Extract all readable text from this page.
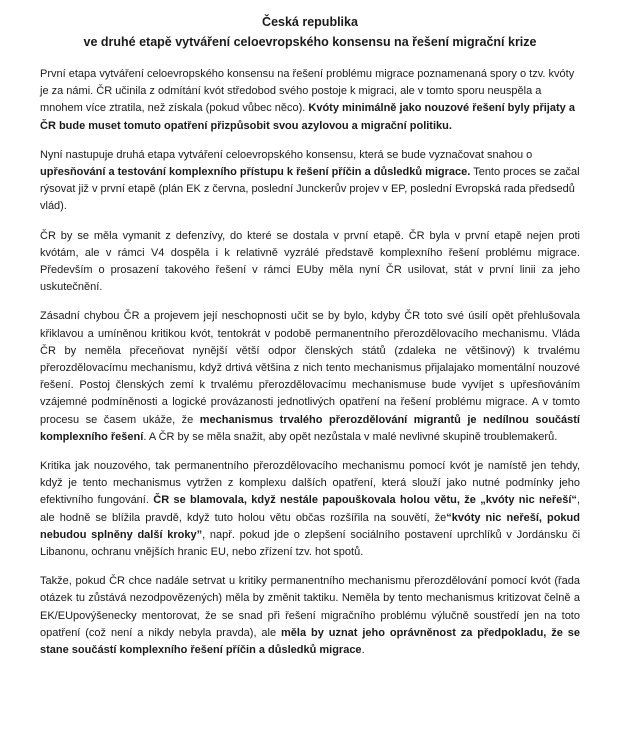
Česká republika
ve druhé etapě vytváření celoevropského konsensu na řešení migrační krize

První etapa vytváření celoevropského konsensu na řešení problému migrace poznamenaná spory o tzv. kvóty je za námi. ČR učinila z odmítání kvót středobod svého postoje k migraci, ale v tomto sporu neuspěla a mnohem více ztratila, než získala (pokud vůbec něco). Kvóty minimálně jako nouzové řešení byly přijaty a ČR bude muset tomuto opatření přizpůsobit svou azylovou a migrační politiku.

Nyní nastupuje druhá etapa vytváření celoevropského konsensu, která se bude vyznačovat snahou o upřesňování a testování komplexního přístupu k řešení příčin a důsledků migrace. Tento proces se začal rýsovat již v první etapě (plán EK z června, poslední Junckerův projev v EP, poslední Evropská rada předsedů vlád).

ČR by se měla vymanit z defenzívy, do které se dostala v první etapě. ČR byla v první etapě nejen proti kvótám, ale v rámci V4 dospěla i k relativně vyzrálé představě komplexního řešení problému migrace. Především o prosazení takového řešení v rámci EUby měla nyní ČR usilovat, stát v první linii za jeho uskutečnění.

Zásadní chybou ČR a projevem její neschopnosti učit se by bylo, kdyby ČR toto své úsilí opět přehlušovala křiklavou a umíněnou kritikou kvót, tentokrát v podobě permanentního přerozdělovacího mechanismu. Vláda ČR by neměla přeceňovat nynější větší odpor členských států (zdaleka ne většinový) k trvalému přerozdělovacímu mechanismu, když drtivá většina z nich tento mechanismus přijalajako momentální nouzové řešení. Postoj členských zemí k trvalému přerozdělovacímu mechanismuse bude vyvíjet s upřesňováním vzájemné podmíněnosti a logické provázanosti jednotlivých opatření na řešení problému migrace. A v tomto procesu se časem ukáže, že mechanismus trvalého přerozdělování migrantů je nedílnou součástí komplexního řešení. A ČR by se měla snažit, aby opět nezůstala v malé nevlivné skupině troublemakerů.

Kritika jak nouzového, tak permanentního přerozdělovacího mechanismu pomocí kvót je namístě jen tehdy, když je tento mechanismus vytržen z komplexu dalších opatření, která slouží jako nutné podmínky jeho efektivního fungování. ČR se blamovala, když nestále papouškovala holou větu, že „kvóty nic neřeší“, ale hodně se blížila pravdě, když tuto holou větu občas rozšířila na souvětí, že“kvóty nic neřeší, pokud nebudou splněny další kroky”, např. pokud jde o zlepšení sociálního postavení uprchlíků v Jordánsku či Libanonu, ochranu vnějších hranic EU, nebo zřízení tzv. hot spotů.

Takže, pokud ČR chce nadále setrvat u kritiky permanentního mechanismu přerozdělování pomocí kvót (řada otázek tu zůstává nezodpovězených) měla by změnit taktiku. Neměla by tento mechanismus kritizovat čelně a EK/EUpovýšenecky mentorovat, že se snad při řešení migračního problému výlučně soustředí jen na toto opatření (což není a nikdy nebyla pravda), ale měla by uznat jeho oprávněnost za předpokladu, že se stane součástí komplexního řešení příčin a důsledků migrace.
